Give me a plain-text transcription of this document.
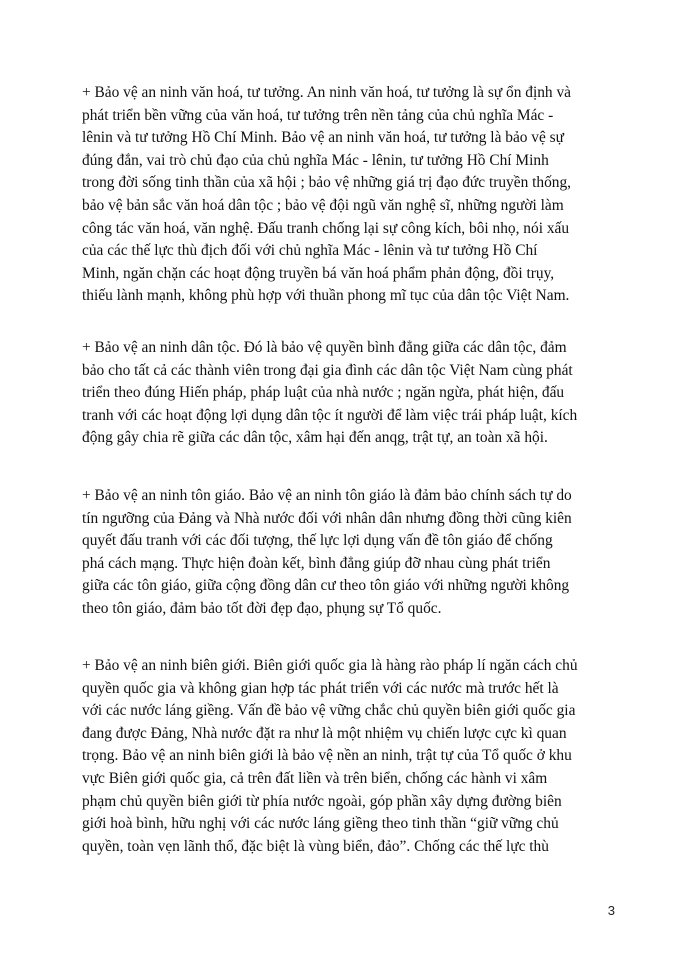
+ Bảo vệ an ninh văn hoá, tư tưởng. An ninh văn hoá, tư tưởng là sự ổn định và
phát triển bền vững của văn hoá, tư tưởng trên nền tảng của chủ nghĩa Mác -
lênin và tư tưởng Hồ Chí Minh. Bảo vệ an ninh văn hoá, tư tưởng là bảo vệ sự
đúng đắn, vai trò chủ đạo của chủ nghĩa Mác - lênin, tư tưởng Hồ Chí Minh
trong đời sống tinh thần của xã hội ; bảo vệ những giá trị đạo đức truyền thống,
bảo vệ bản sắc văn hoá dân tộc ; bảo vệ đội ngũ văn nghệ sĩ, những người làm
công tác văn hoá, văn nghệ. Đấu tranh chống lại sự công kích, bôi nhọ, nói xấu
của các thế lực thù địch đối với chủ nghĩa Mác - lênin và tư tưởng Hồ Chí
Minh, ngăn chặn các hoạt động truyền bá văn hoá phẩm phản động, đồi trụy,
thiếu lành mạnh, không phù hợp với thuần phong mĩ tục của dân tộc Việt Nam.
+ Bảo vệ an ninh dân tộc. Đó là bảo vệ quyền bình đẳng giữa các dân tộc, đảm
bảo cho tất cả các thành viên trong đại gia đình các dân tộc Việt Nam cùng phát
triển theo đúng Hiến pháp, pháp luật của nhà nước ; ngăn ngừa, phát hiện, đấu
tranh với các hoạt động lợi dụng dân tộc ít người để làm việc trái pháp luật, kích
động gây chia rẽ giữa các dân tộc, xâm hại đến anqg, trật tự, an toàn xã hội.
+ Bảo vệ an ninh tôn giáo. Bảo vệ an ninh tôn giáo là đảm bảo chính sách tự do
tín ngưỡng của Đảng và Nhà nước đối với nhân dân nhưng đồng thời cũng kiên
quyết đấu tranh với các đối tượng, thế lực lợi dụng vấn đề tôn giáo để chống
phá cách mạng. Thực hiện đoàn kết, bình đẳng giúp đỡ nhau cùng phát triển
giữa các tôn giáo, giữa cộng đồng dân cư theo tôn giáo với những người không
theo tôn giáo, đảm bảo tốt đời đẹp đạo, phụng sự Tổ quốc.
+ Bảo vệ an ninh biên giới. Biên giới quốc gia là hàng rào pháp lí ngăn cách chủ
quyền quốc gia và không gian hợp tác phát triển với các nước mà trước hết là
với các nước láng giềng. Vấn đề bảo vệ vững chắc chủ quyền biên giới quốc gia
đang được Đảng, Nhà nước đặt ra như là một nhiệm vụ chiến lược cực kì quan
trọng. Bảo vệ an ninh biên giới là bảo vệ nền an ninh, trật tự của Tổ quốc ở khu
vực Biên giới quốc gia, cả trên đất liền và trên biển, chống các hành vi xâm
phạm chủ quyền biên giới từ phía nước ngoài, góp phần xây dựng đường biên
giới hoà bình, hữu nghị với các nước láng giềng theo tinh thần “giữ vững chủ
quyền, toàn vẹn lãnh thổ, đặc biệt là vùng biển, đảo”. Chống các thế lực thù
3
